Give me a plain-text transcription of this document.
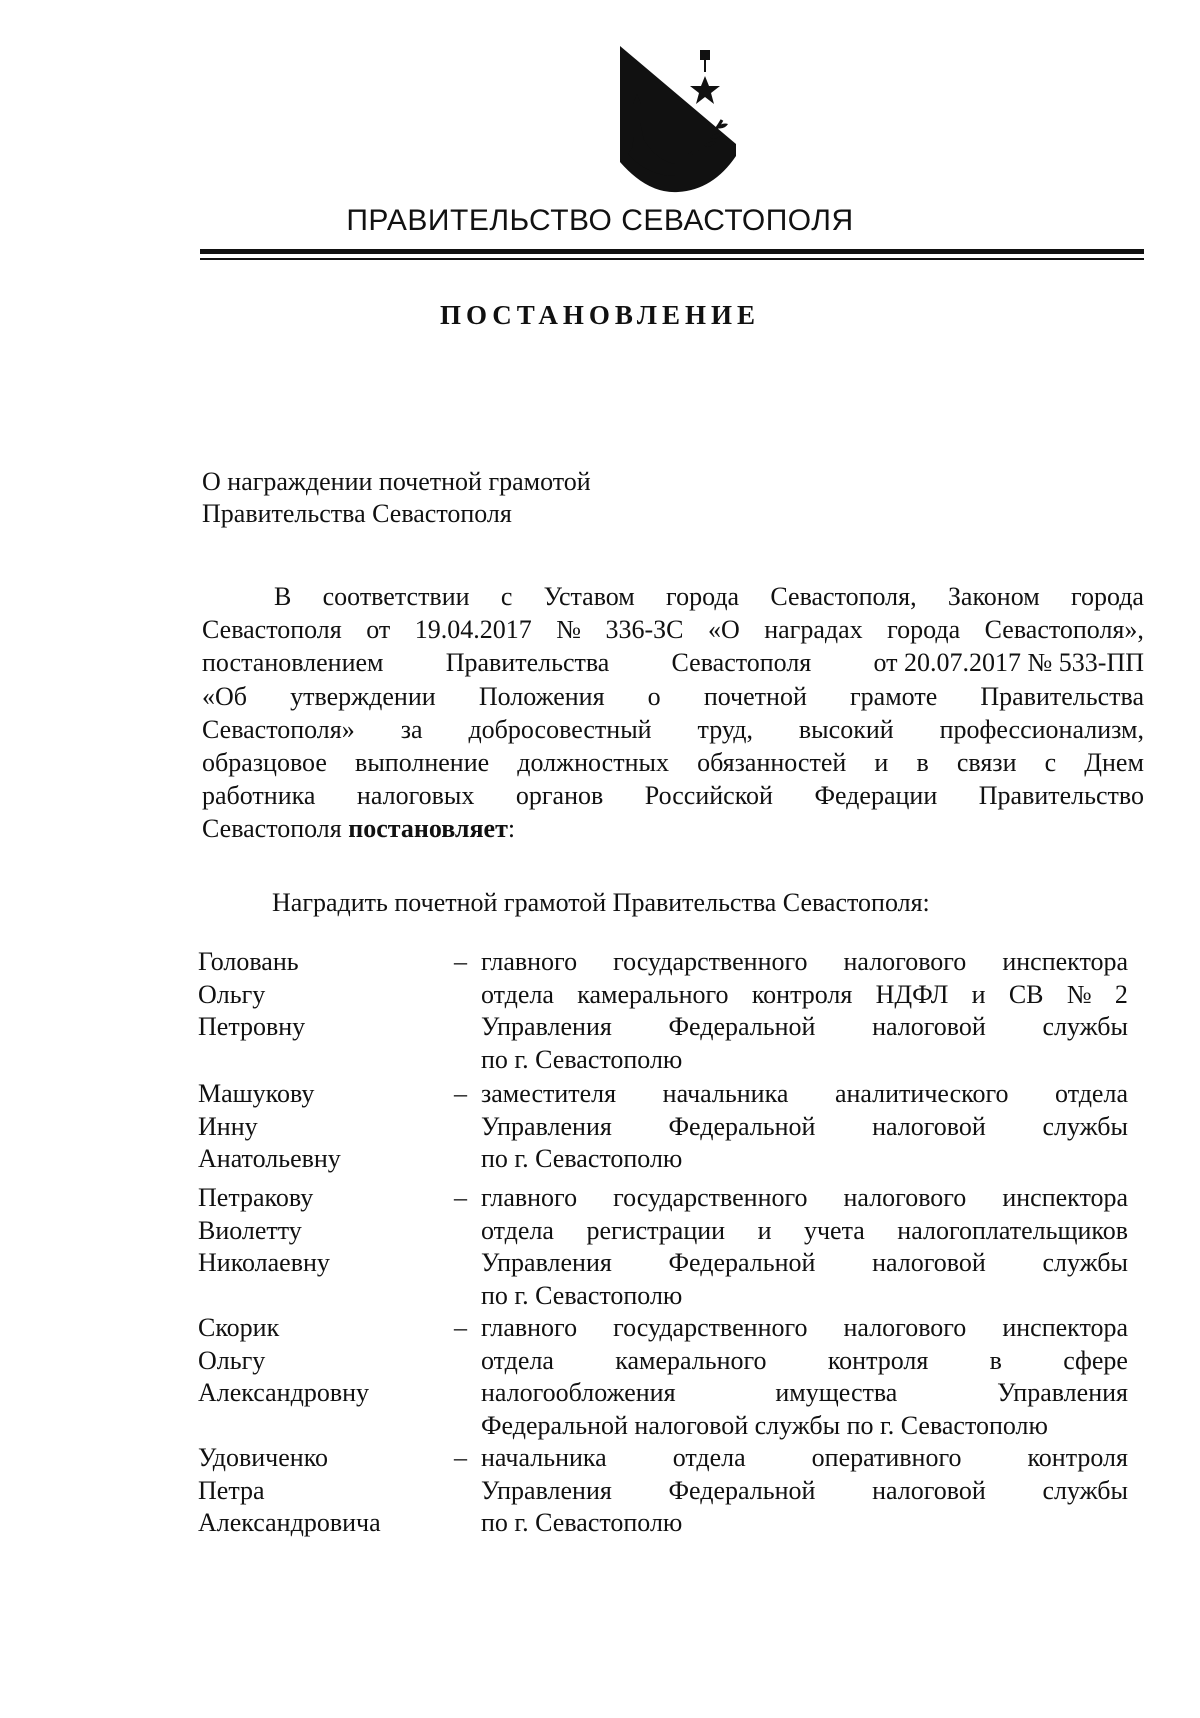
ПРАВИТЕЛЬСТВО СЕВАСТОПОЛЯ
ПОСТАНОВЛЕНИЕ
О награждении почетной грамотой
Правительства Севастополя
В соответствии с Уставом города Севастополя, Законом города
Севастополя от 19.04.2017 № 336-ЗС «О наградах города Севастополя»,
постановлением Правительства Севастополя от 20.07.2017 № 533-ПП
«Об утверждении Положения о почетной грамоте Правительства
Севастополя» за добросовестный труд, высокий профессионализм,
образцовое выполнение должностных обязанностей и в связи с Днем
работника налоговых органов Российской Федерации Правительство
Севастополя постановляет:
Наградить почетной грамотой Правительства Севастополя:
Головань
Ольгу
Петровну
– главного государственного налогового инспектора
отдела камерального контроля НДФЛ и СВ № 2
Управления Федеральной налоговой службы
по г. Севастополю
Машукову
Инну
Анатольевну
– заместителя начальника аналитического отдела
Управления Федеральной налоговой службы
по г. Севастополю
Петракову
Виолетту
Николаевну
– главного государственного налогового инспектора
отдела регистрации и учета налогоплательщиков
Управления Федеральной налоговой службы
по г. Севастополю
Скорик
Ольгу
Александровну
– главного государственного налогового инспектора
отдела камерального контроля в сфере
налогообложения	имущества	Управления
Федеральной налоговой службы по г. Севастополю
Удовиченко
Петра
Александровича
– начальника	отдела	оперативного	контроля
Управления Федеральной налоговой службы
по г. Севастополю
